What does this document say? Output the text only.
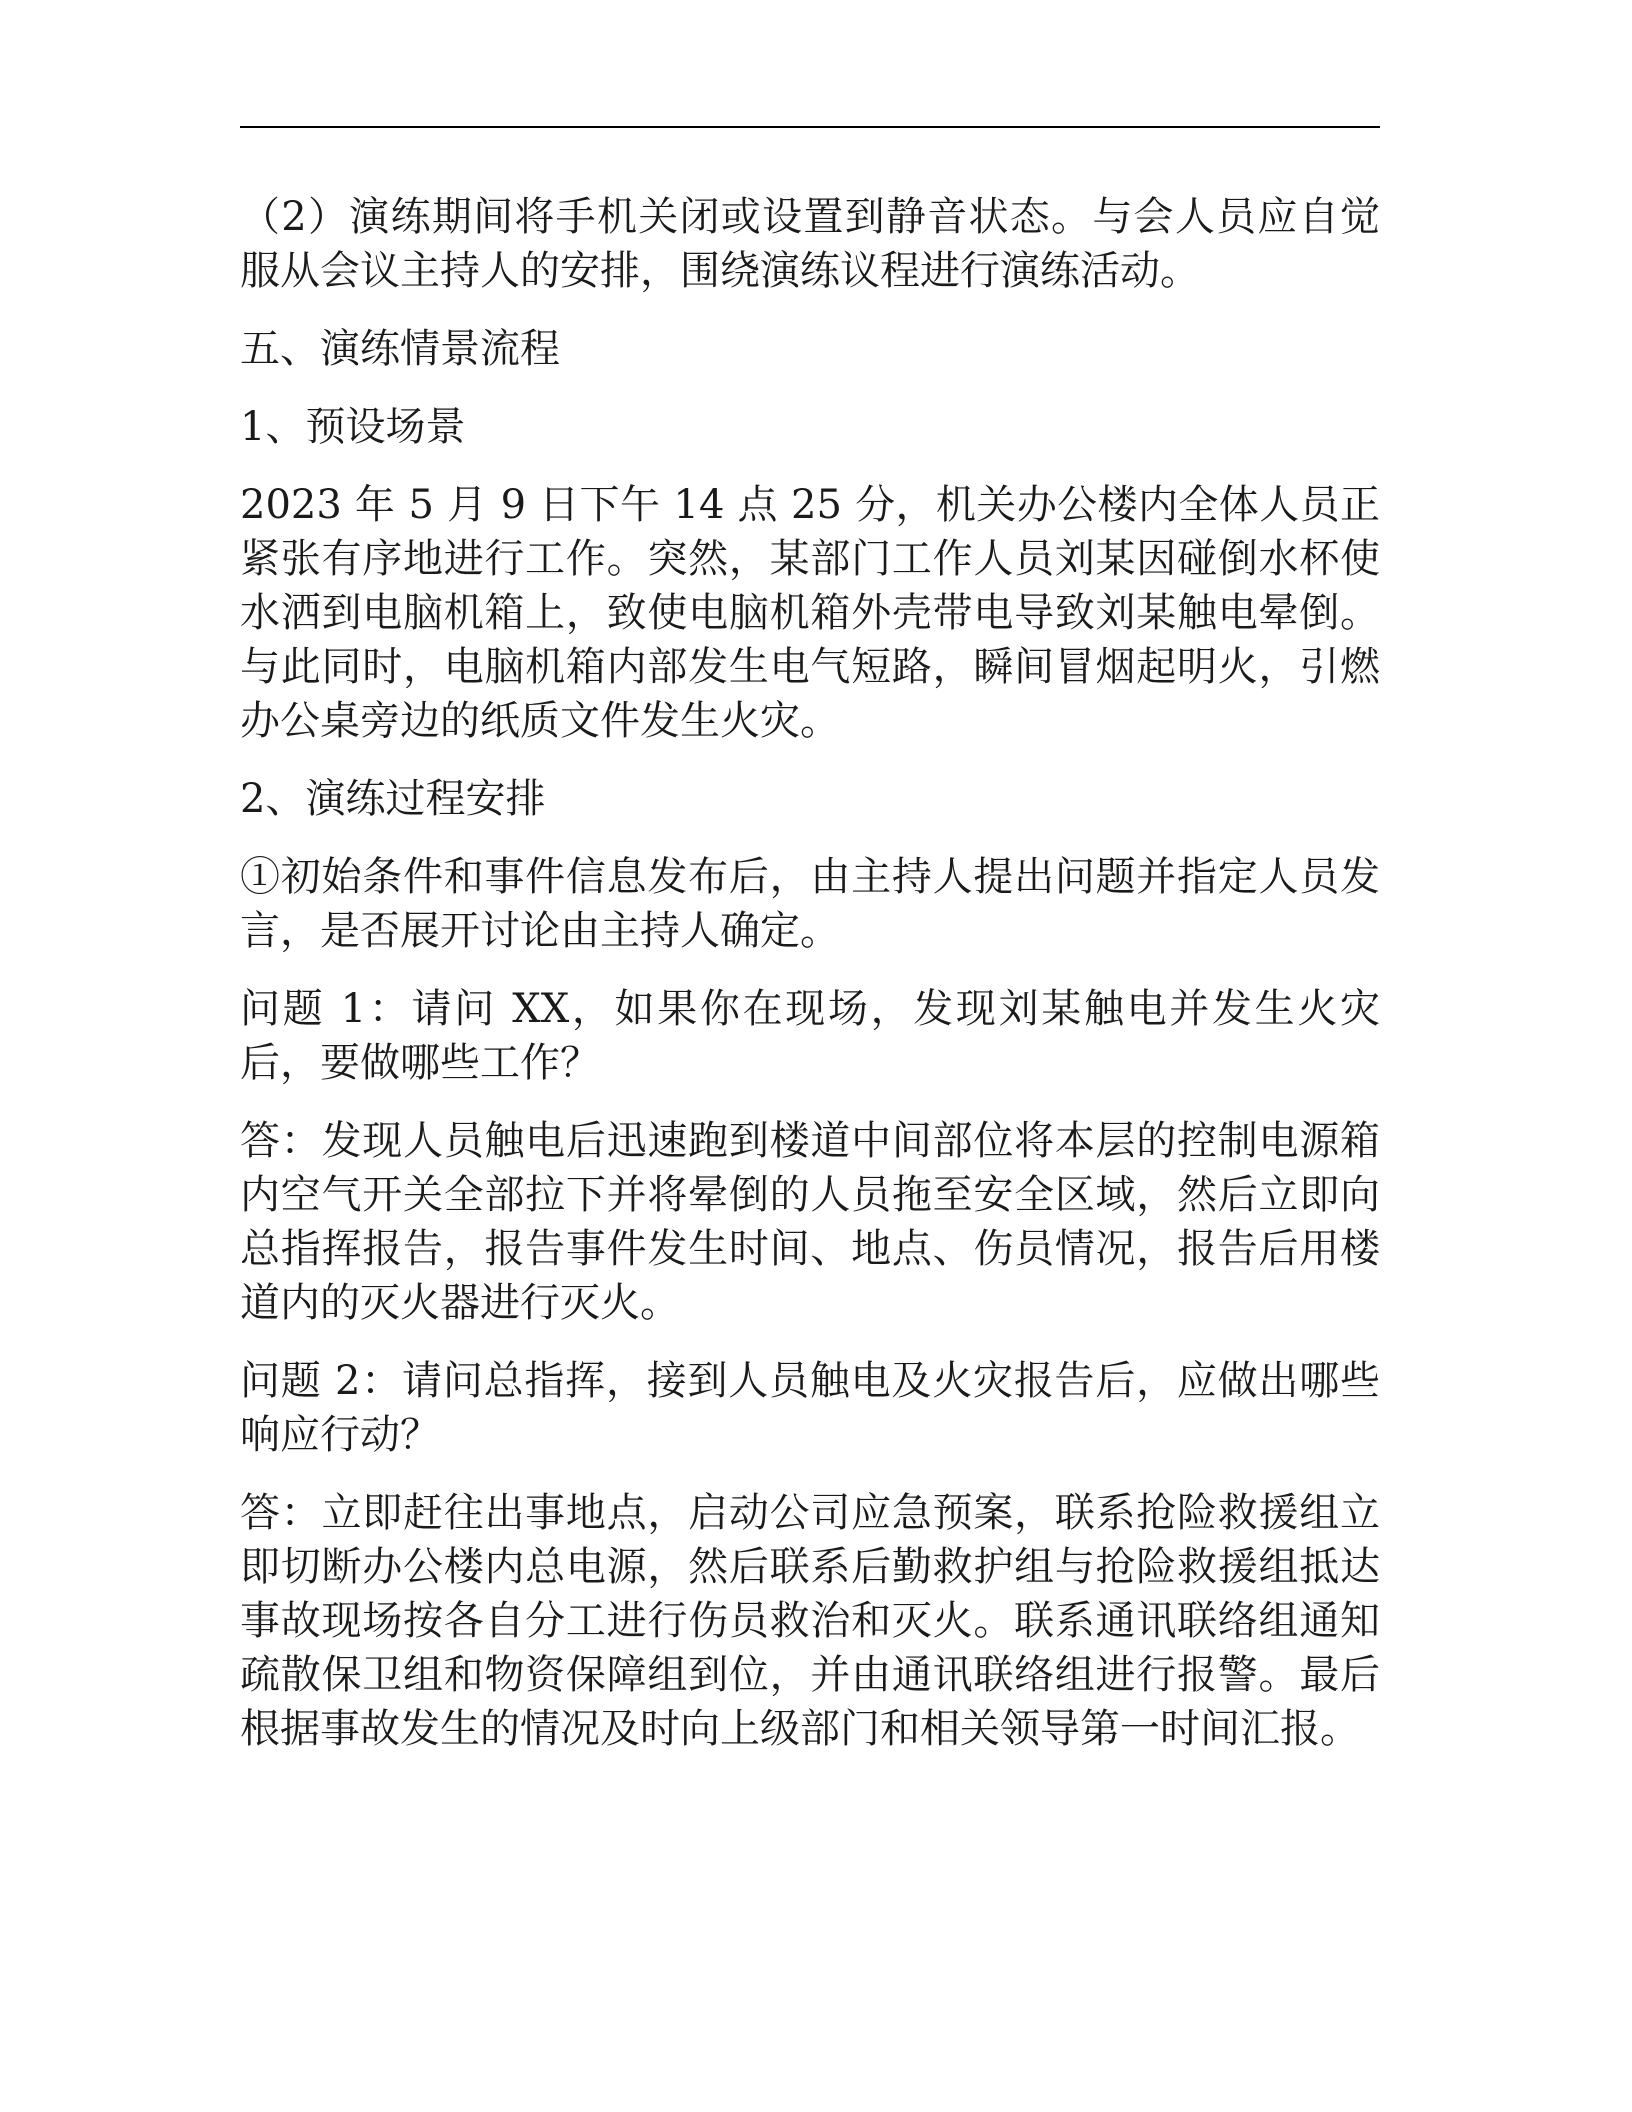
（2）演练期间将手机关闭或设置到静音状态。与会人员应自觉服从会议主持人的安排，围绕演练议程进行演练活动。

五、演练情景流程

1、预设场景

2023 年 5 月 9 日下午 14 点 25 分，机关办公楼内全体人员正紧张有序地进行工作。突然，某部门工作人员刘某因碰倒水杯使水洒到电脑机箱上，致使电脑机箱外壳带电导致刘某触电晕倒。与此同时，电脑机箱内部发生电气短路，瞬间冒烟起明火，引燃办公桌旁边的纸质文件发生火灾。

2、演练过程安排

①初始条件和事件信息发布后，由主持人提出问题并指定人员发言，是否展开讨论由主持人确定。

问题 1：请问 XX，如果你在现场，发现刘某触电并发生火灾后，要做哪些工作？

答：发现人员触电后迅速跑到楼道中间部位将本层的控制电源箱内空气开关全部拉下并将晕倒的人员拖至安全区域，然后立即向总指挥报告，报告事件发生时间、地点、伤员情况，报告后用楼道内的灭火器进行灭火。

问题 2：请问总指挥，接到人员触电及火灾报告后，应做出哪些响应行动？

答：立即赶往出事地点，启动公司应急预案，联系抢险救援组立即切断办公楼内总电源，然后联系后勤救护组与抢险救援组抵达事故现场按各自分工进行伤员救治和灭火。联系通讯联络组通知疏散保卫组和物资保障组到位，并由通讯联络组进行报警。最后根据事故发生的情况及时向上级部门和相关领导第一时间汇报。
